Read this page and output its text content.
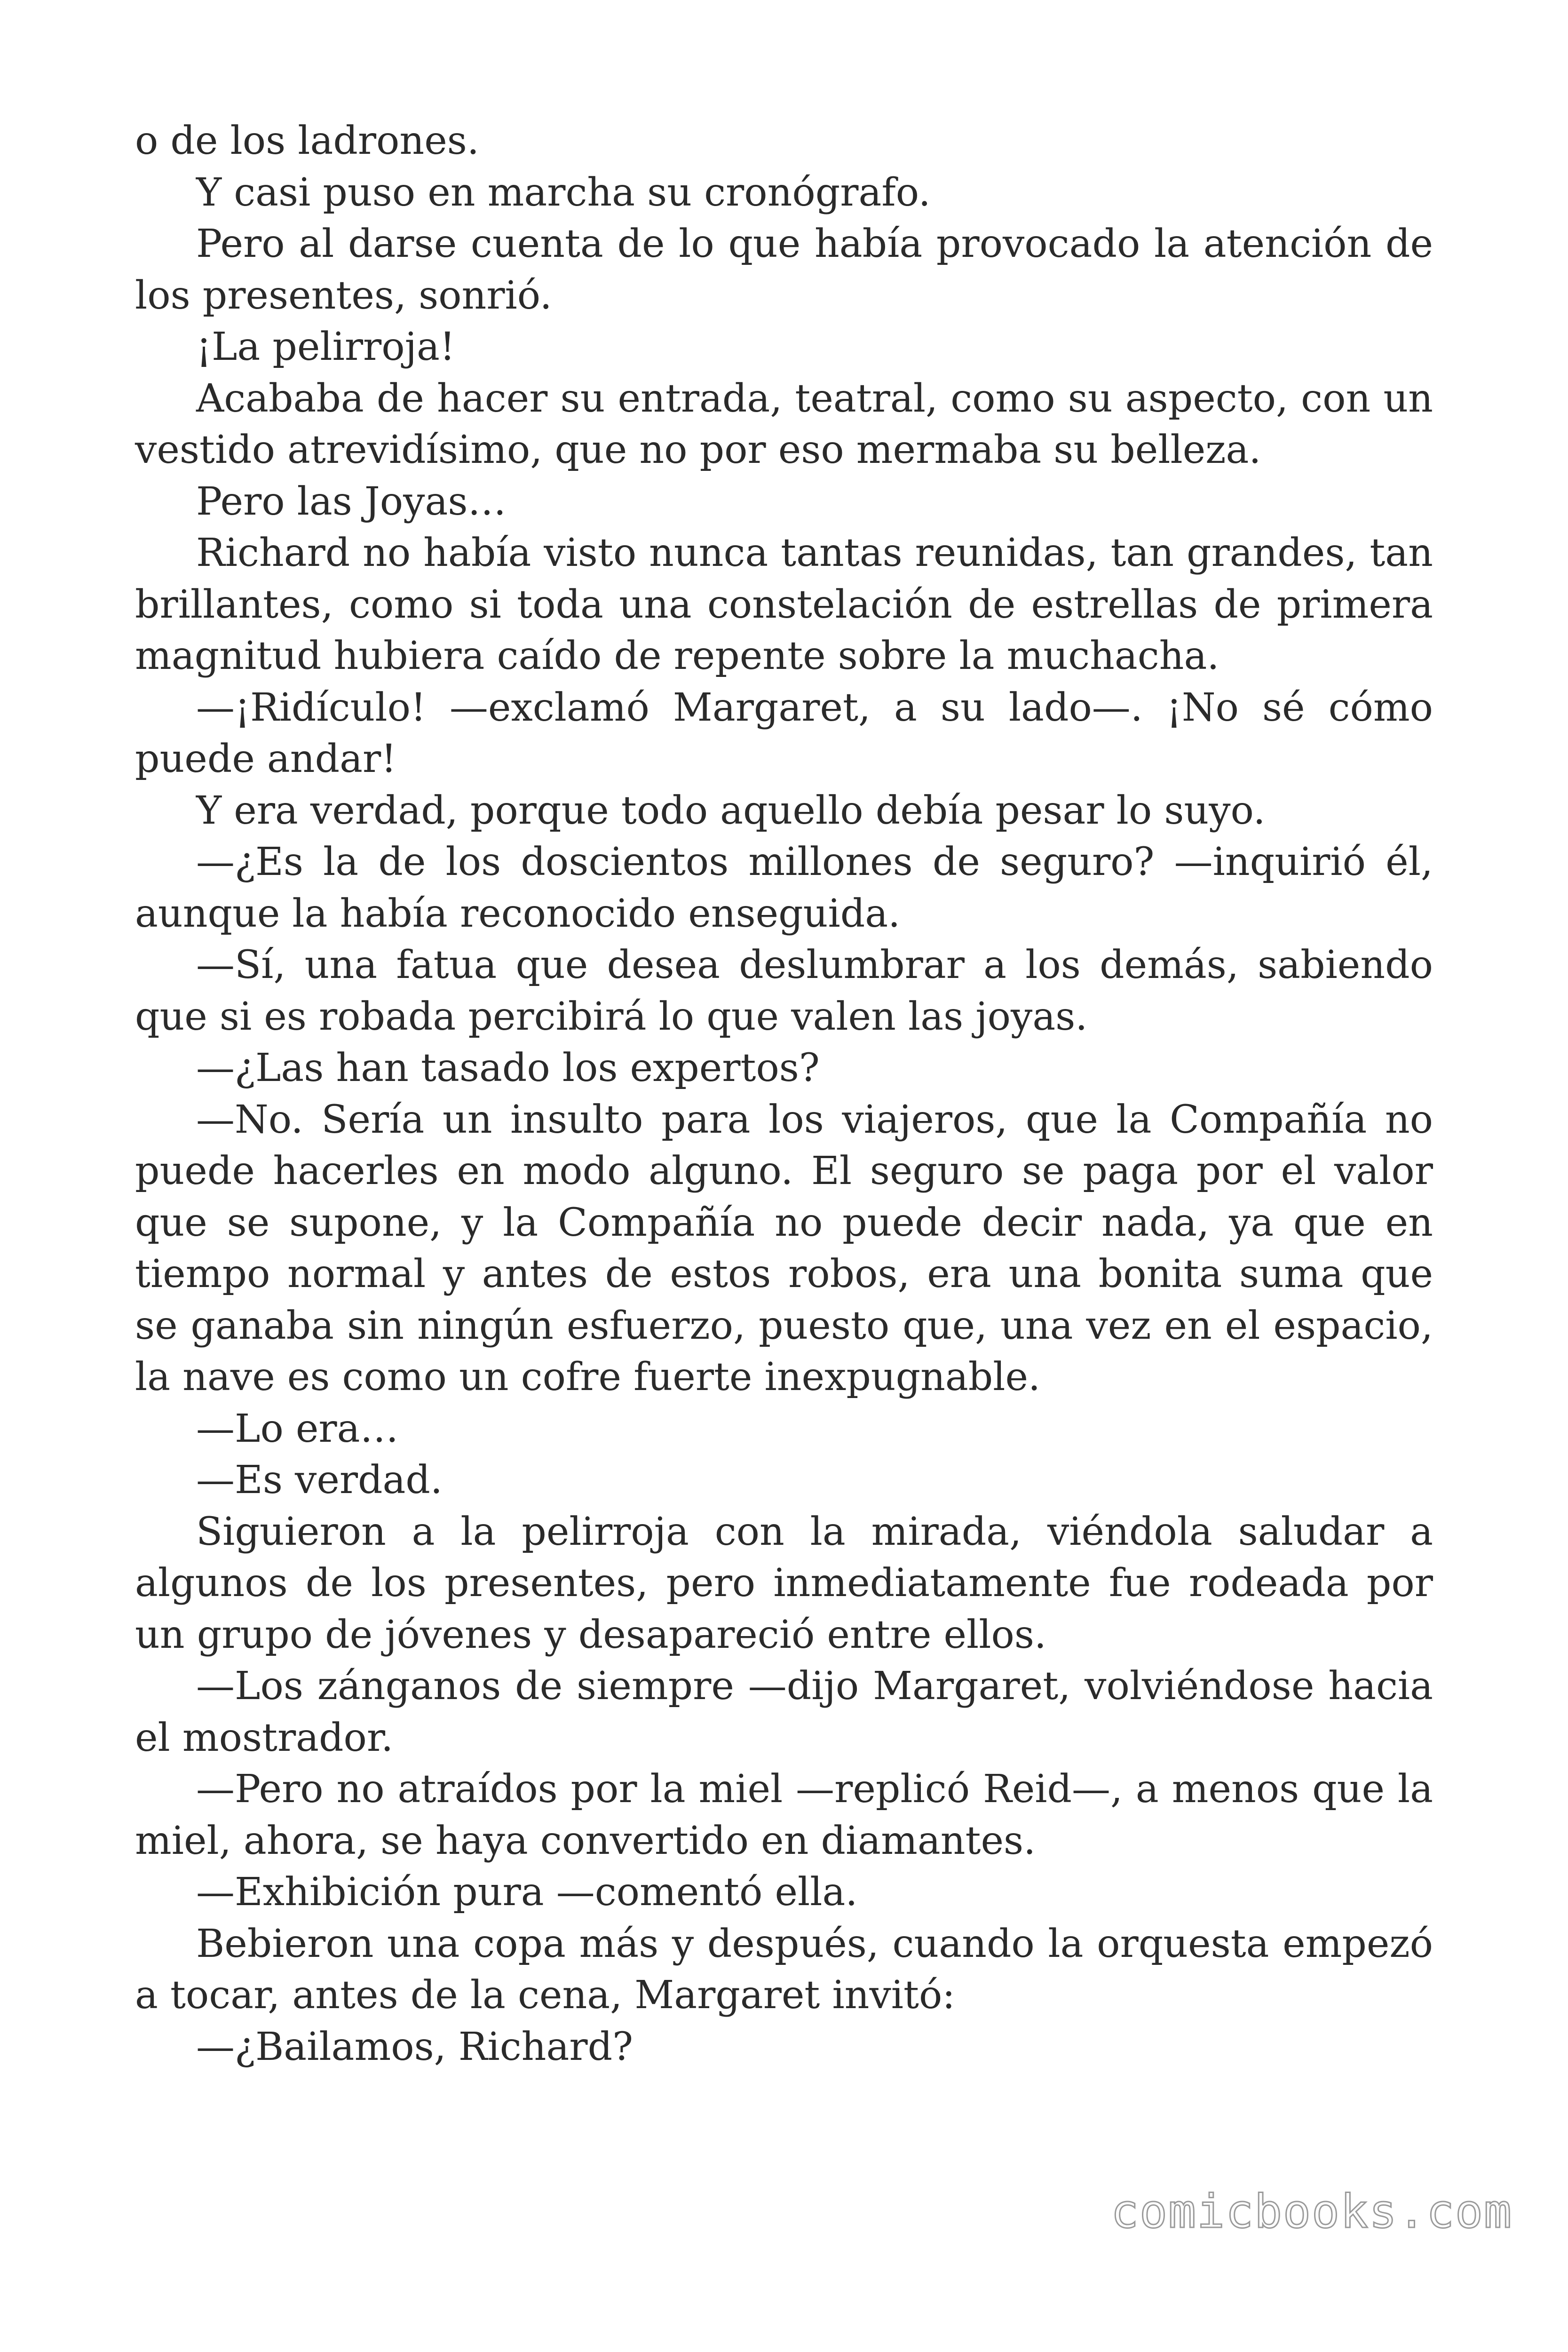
o de los ladrones.

Y casi puso en marcha su cronógrafo.

Pero al darse cuenta de lo que había provocado la atención de los presentes, sonrió.

¡La pelirroja!

Acababa de hacer su entrada, teatral, como su aspecto, con un vestido atrevidísimo, que no por eso mermaba su belleza.

Pero las Joyas…

Richard no había visto nunca tantas reunidas, tan grandes, tan brillantes, como si toda una constelación de estrellas de primera magnitud hubiera caído de repente sobre la muchacha.

—¡Ridículo! —exclamó Margaret, a su lado—. ¡No sé cómo puede andar!

Y era verdad, porque todo aquello debía pesar lo suyo.

—¿Es la de los doscientos millones de seguro? —inquirió él, aunque la había reconocido enseguida.

—Sí, una fatua que desea deslumbrar a los demás, sabiendo que si es robada percibirá lo que valen las joyas.

—¿Las han tasado los expertos?

—No. Sería un insulto para los viajeros, que la Compañía no puede hacerles en modo alguno. El seguro se paga por el valor que se supone, y la Compañía no puede decir nada, ya que en tiempo normal y antes de estos robos, era una bonita suma que se ganaba sin ningún esfuerzo, puesto que, una vez en el espacio, la nave es como un cofre fuerte inexpugnable.

—Lo era…

—Es verdad.

Siguieron a la pelirroja con la mirada, viéndola saludar a algunos de los presentes, pero inmediatamente fue rodeada por un grupo de jóvenes y desapareció entre ellos.

—Los zánganos de siempre —dijo Margaret, volviéndose hacia el mostrador.

—Pero no atraídos por la miel —replicó Reid—, a menos que la miel, ahora, se haya convertido en diamantes.

—Exhibición pura —comentó ella.

Bebieron una copa más y después, cuando la orquesta empezó a tocar, antes de la cena, Margaret invitó:

—¿Bailamos, Richard?

comicbooks.com
